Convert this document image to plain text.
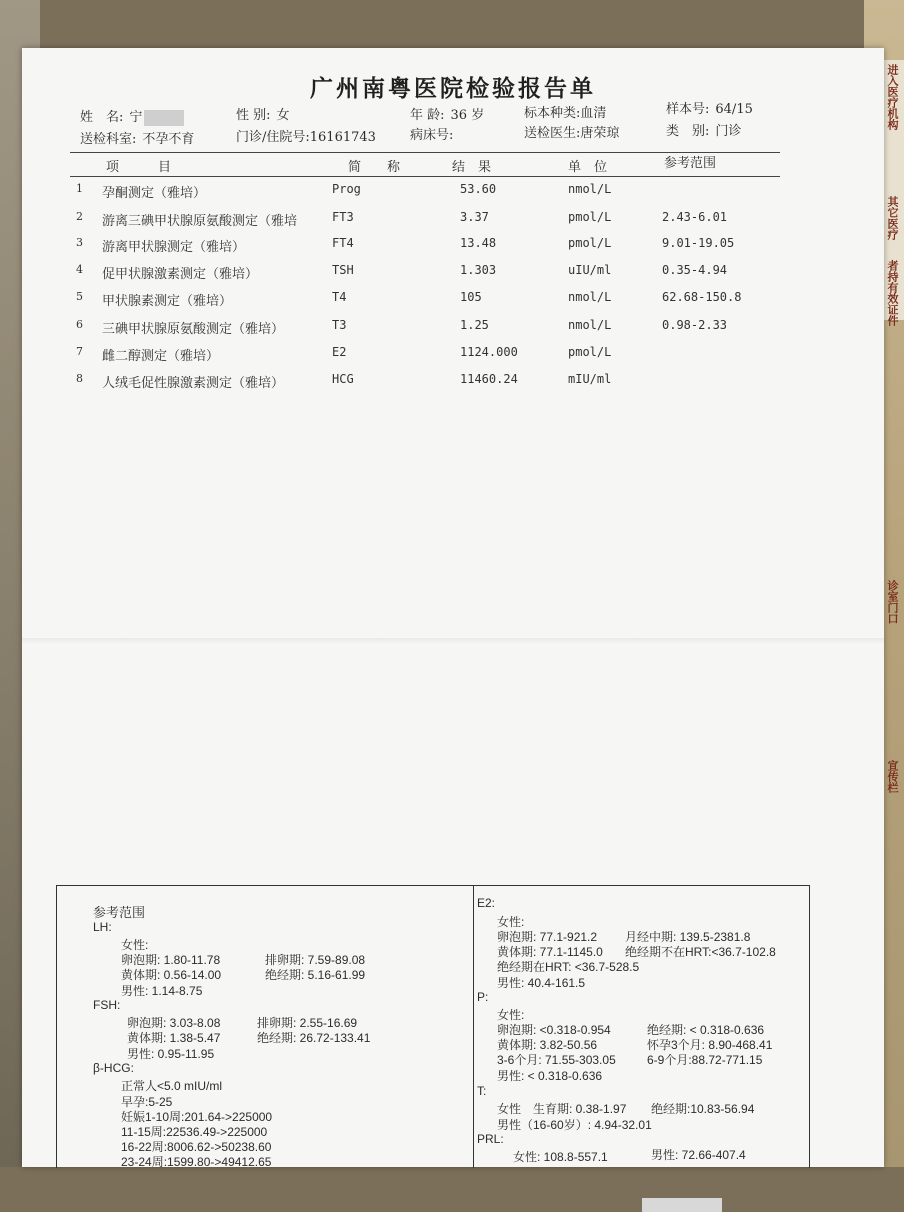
进入医疗机构
其它医疗
者持有效证件
诊室门口
宣传栏
广州南粤医院检验报告单
姓　名: 宁	性 别: 女	年 龄: 36 岁	标本种类:血清	样本号: 64/15
送检科室: 不孕不育	门诊/住院号:16161743	病床号:	送检医生:唐荣琼	类　别: 门诊
项　　　目	简　　称	结　果	单　位	参考范围
1 孕酮测定（雅培）	Prog	53.60	nmol/L
2 游离三碘甲状腺原氨酸测定（雅培	FT3	3.37	pmol/L	2.43-6.01
3 游离甲状腺测定（雅培）	FT4	13.48	pmol/L	9.01-19.05
4 促甲状腺激素测定（雅培）	TSH	1.303	uIU/ml	0.35-4.94
5 甲状腺素测定（雅培）	T4	105	nmol/L	62.68-150.8
6 三碘甲状腺原氨酸测定（雅培）	T3	1.25	nmol/L	0.98-2.33
7 雌二醇测定（雅培）	E2	1124.000	pmol/L
8 人绒毛促性腺激素测定（雅培）	HCG	11460.24	mIU/ml
参考范围
LH:
女性:
卵泡期: 1.80-11.78	排卵期: 7.59-89.08
黄体期: 0.56-14.00	绝经期: 5.16-61.99
男性: 1.14-8.75
FSH:
卵泡期: 3.03-8.08	排卵期: 2.55-16.69
黄体期: 1.38-5.47	绝经期: 26.72-133.41
男性: 0.95-11.95
β-HCG:
正常人<5.0 mIU/ml
早孕:5-25
妊娠1-10周:201.64->225000
11-15周:22536.49->225000
16-22周:8006.62->50238.60
23-24周:1599.80->49412.65
E2:
女性:
卵泡期: 77.1-921.2 月经中期: 139.5-2381.8
黄体期: 77.1-1145.0 绝经期不在HRT:<36.7-102.8
绝经期在HRT: <36.7-528.5
男性: 40.4-161.5
P:
女性:
卵泡期: <0.318-0.954	绝经期: < 0.318-0.636
黄体期: 3.82-50.56	怀孕3个月: 8.90-468.41
3-6个月: 71.55-303.05	6-9个月:88.72-771.15
男性: < 0.318-0.636
T:
女性　生育期: 0.38-1.97 绝经期:10.83-56.94
男性（16-60岁）: 4.94-32.01
PRL:
女性: 108.8-557.1	男性: 72.66-407.4
